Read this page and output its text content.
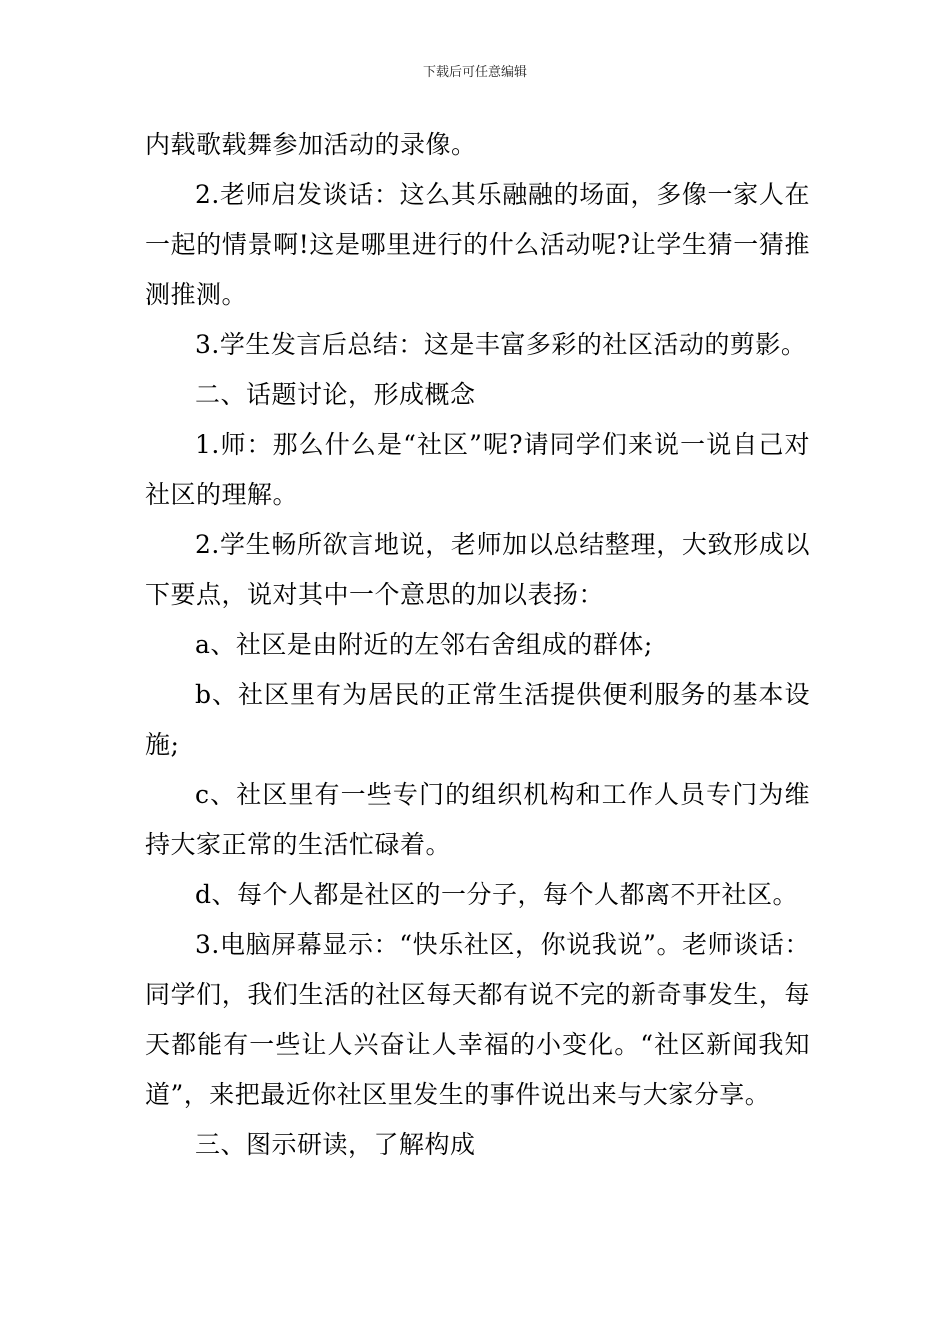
下载后可任意编辑

内载歌载舞参加活动的录像。

2.老师启发谈话：这么其乐融融的场面，多像一家人在一起的情景啊!这是哪里进行的什么活动呢?让学生猜一猜推测推测。

3.学生发言后总结：这是丰富多彩的社区活动的剪影。

二、话题讨论，形成概念

1.师：那么什么是“社区”呢?请同学们来说一说自己对社区的理解。

2.学生畅所欲言地说，老师加以总结整理，大致形成以下要点，说对其中一个意思的加以表扬：

a、社区是由附近的左邻右舍组成的群体;

b、社区里有为居民的正常生活提供便利服务的基本设施;

c、社区里有一些专门的组织机构和工作人员专门为维持大家正常的生活忙碌着。

d、每个人都是社区的一分子，每个人都离不开社区。

3.电脑屏幕显示：“快乐社区，你说我说”。老师谈话：同学们，我们生活的社区每天都有说不完的新奇事发生，每天都能有一些让人兴奋让人幸福的小变化。“社区新闻我知道”，来把最近你社区里发生的事件说出来与大家分享。

三、图示研读，了解构成
